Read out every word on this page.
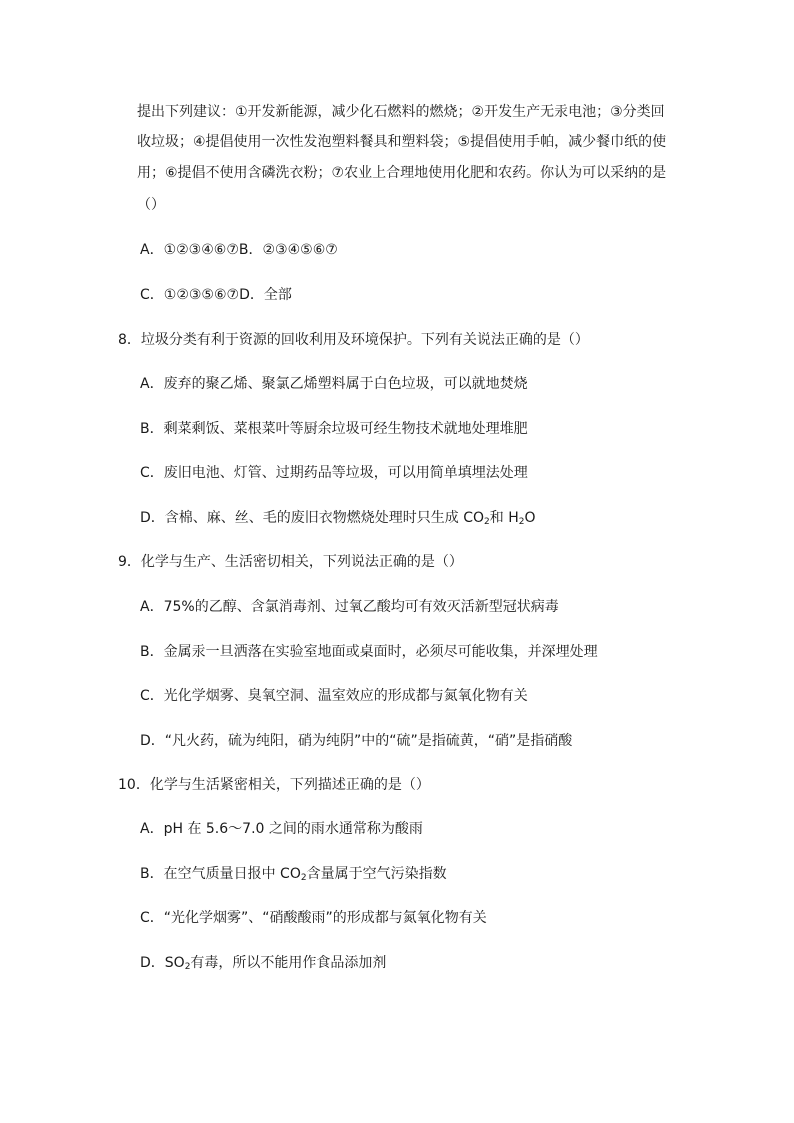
提出下列建议：①开发新能源，减少化石燃料的燃烧；②开发生产无汞电池；③分类回
收垃圾；④提倡使用一次性发泡塑料餐具和塑料袋；⑤提倡使用手帕，减少餐巾纸的使
用；⑥提倡不使用含磷洗衣粉；⑦农业上合理地使用化肥和农药。你认为可以采纳的是
（）
A．①②③④⑥⑦B．②③④⑤⑥⑦
C．①②③⑤⑥⑦D．全部
8．垃圾分类有利于资源的回收利用及环境保护。下列有关说法正确的是（）
A．废弃的聚乙烯、聚氯乙烯塑料属于白色垃圾，可以就地焚烧
B．剩菜剩饭、菜根菜叶等厨余垃圾可经生物技术就地处理堆肥
C．废旧电池、灯管、过期药品等垃圾，可以用简单填埋法处理
D．含棉、麻、丝、毛的废旧衣物燃烧处理时只生成 $CO_2$和 $H_2O$
9．化学与生产、生活密切相关，下列说法正确的是（）
A．75%的乙醇、含氯消毒剂、过氧乙酸均可有效灭活新型冠状病毒
B．金属汞一旦洒落在实验室地面或桌面时，必须尽可能收集，并深埋处理
C．光化学烟雾、臭氧空洞、温室效应的形成都与氮氧化物有关
D．“凡火药，硫为纯阳，硝为纯阴”中的“硫”是指硫黄，“硝”是指硝酸
10．化学与生活紧密相关，下列描述正确的是（）
A．pH 在 5.6～7.0 之间的雨水通常称为酸雨
B．在空气质量日报中 $CO_2$含量属于空气污染指数
C．“光化学烟雾”、“硝酸酸雨”的形成都与氮氧化物有关
D．$SO_2$有毒，所以不能用作食品添加剂
